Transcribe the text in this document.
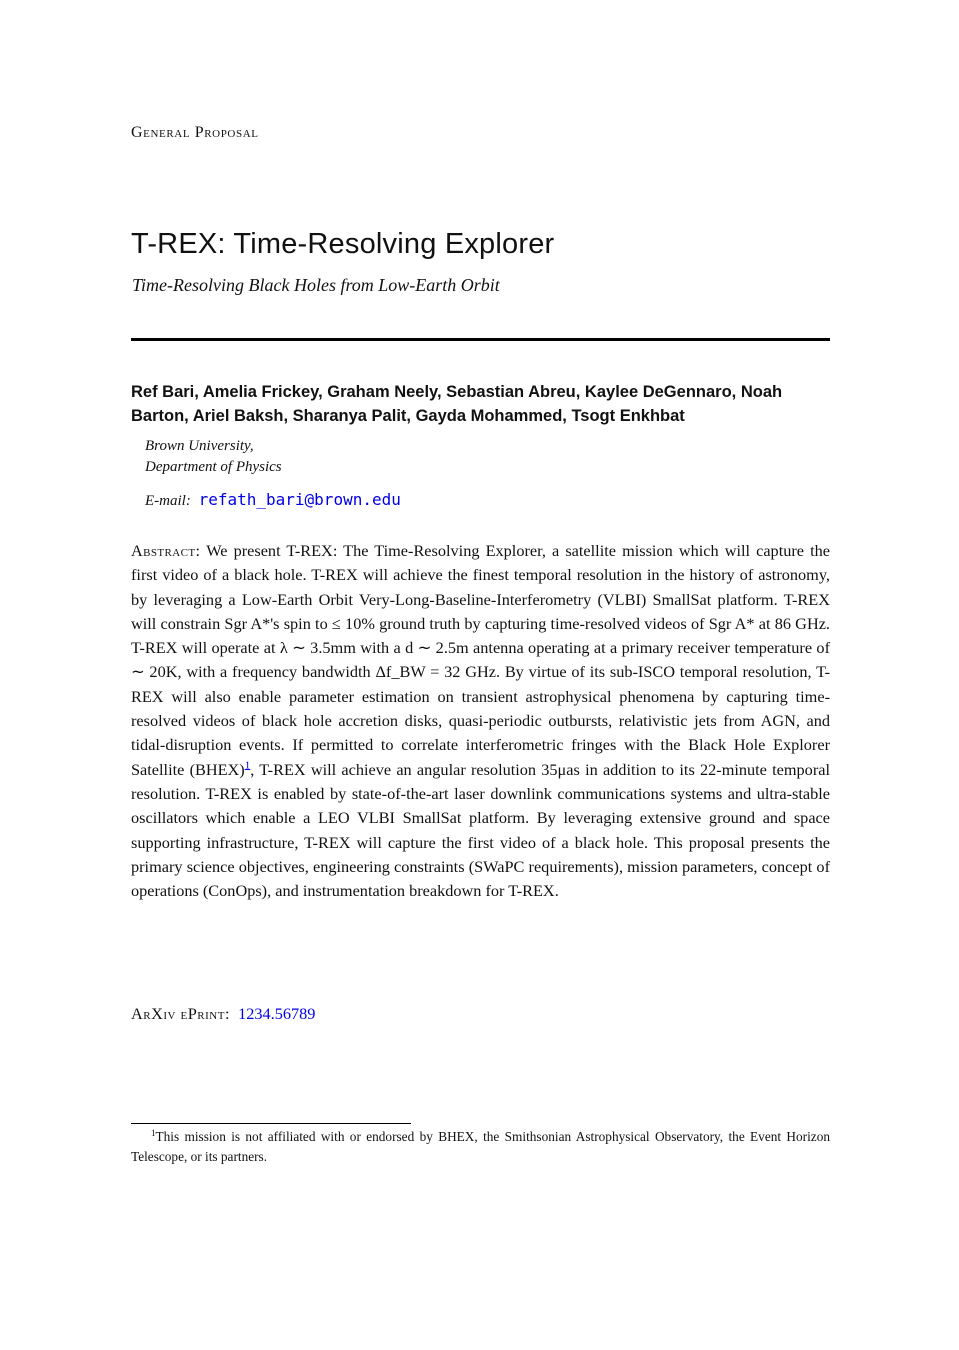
General Proposal
T-REX: Time-Resolving Explorer
Time-Resolving Black Holes from Low-Earth Orbit
Ref Bari, Amelia Frickey, Graham Neely, Sebastian Abreu, Kaylee DeGennaro, Noah Barton, Ariel Baksh, Sharanya Palit, Gayda Mohammed, Tsogt Enkhbat
Brown University,
Department of Physics
E-mail: refath_bari@brown.edu

Abstract: We present T-REX: The Time-Resolving Explorer, a satellite mission which will capture the first video of a black hole. T-REX will achieve the finest temporal resolution in the history of astronomy, by leveraging a Low-Earth Orbit Very-Long-Baseline-Interferometry (VLBI) SmallSat platform. T-REX will constrain Sgr A*'s spin to ≤ 10% ground truth by capturing time-resolved videos of Sgr A* at 86 GHz. T-REX will operate at λ ∼ 3.5mm with a d ∼ 2.5m antenna operating at a primary receiver temperature of ∼ 20K, with a frequency bandwidth Δf_BW = 32 GHz. By virtue of its sub-ISCO temporal resolution, T-REX will also enable parameter estimation on transient astrophysical phenomena by capturing time-resolved videos of black hole accretion disks, quasi-periodic outbursts, relativistic jets from AGN, and tidal-disruption events. If permitted to correlate interferometric fringes with the Black Hole Explorer Satellite (BHEX)$^1$, T-REX will achieve an angular resolution 35μas in addition to its 22-minute temporal resolution. T-REX is enabled by state-of-the-art laser downlink communications systems and ultra-stable oscillators which enable a LEO VLBI SmallSat platform. By leveraging extensive ground and space supporting infrastructure, T-REX will capture the first video of a black hole. This proposal presents the primary science objectives, engineering constraints (SWaPC requirements), mission parameters, concept of operations (ConOps), and instrumentation breakdown for T-REX.

ArXiv ePrint: 1234.56789

$^1$This mission is not affiliated with or endorsed by BHEX, the Smithsonian Astrophysical Observatory, the Event Horizon Telescope, or its partners.
